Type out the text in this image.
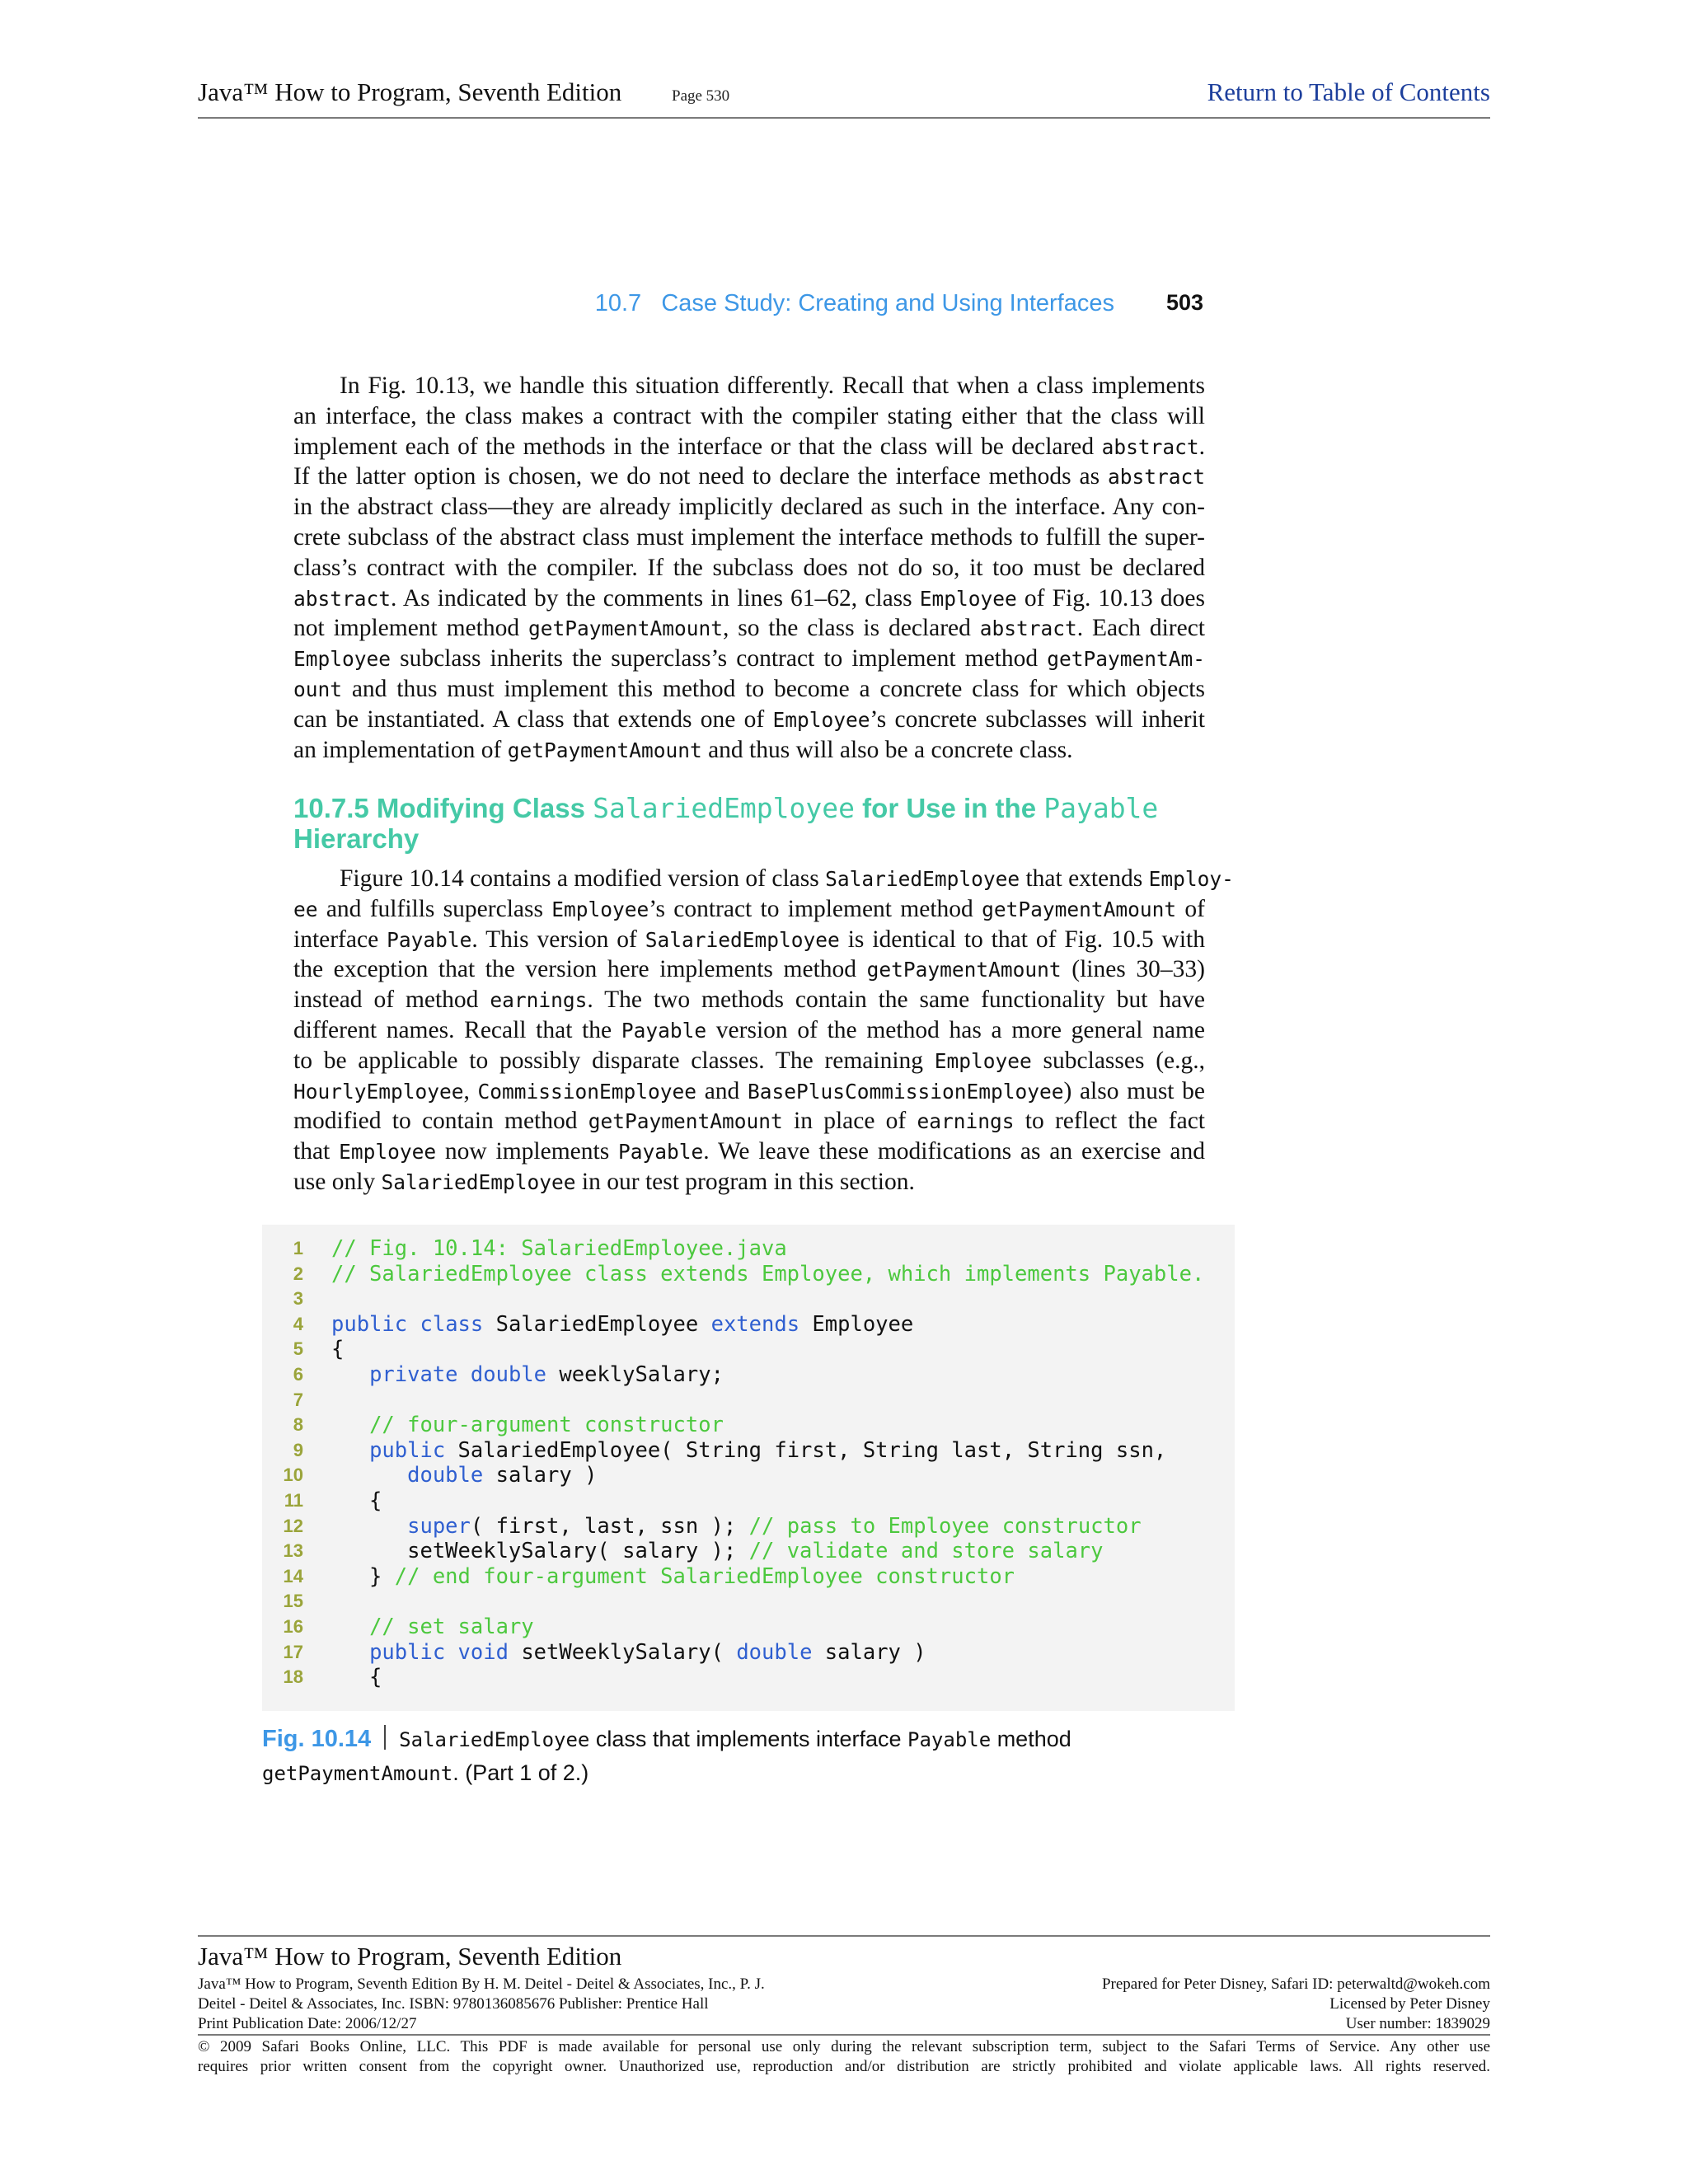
Java™ How to Program, Seventh Edition	Page 530	Return to Table of Contents
10.7   Case Study: Creating and Using Interfaces 503
In Fig. 10.13, we handle this situation differently. Recall that when a class implements
an interface, the class makes a contract with the compiler stating either that the class will
implement each of the methods in the interface or that the class will be declared abstract.
If the latter option is chosen, we do not need to declare the interface methods as abstract
in the abstract class—they are already implicitly declared as such in the interface. Any con-
crete subclass of the abstract class must implement the interface methods to fulfill the super-
class’s contract with the compiler. If the subclass does not do so, it too must be declared
abstract. As indicated by the comments in lines 61–62, class Employee of Fig. 10.13 does
not implement method getPaymentAmount, so the class is declared abstract. Each direct
Employee subclass inherits the superclass’s contract to implement method getPaymentAm-
ount and thus must implement this method to become a concrete class for which objects
can be instantiated. A class that extends one of Employee’s concrete subclasses will inherit
an implementation of getPaymentAmount and thus will also be a concrete class.
10.7.5 Modifying Class SalariedEmployee for Use in the Payable
Hierarchy
Figure 10.14 contains a modified version of class SalariedEmployee that extends Employ-
ee and fulfills superclass Employee’s contract to implement method getPaymentAmount of
interface Payable. This version of SalariedEmployee is identical to that of Fig. 10.5 with
the exception that the version here implements method getPaymentAmount (lines 30–33)
instead of method earnings. The two methods contain the same functionality but have
different names. Recall that the Payable version of the method has a more general name
to be applicable to possibly disparate classes. The remaining Employee subclasses (e.g.,
HourlyEmployee, CommissionEmployee and BasePlusCommissionEmployee) also must be
modified to contain method getPaymentAmount in place of earnings to reflect the fact
that Employee now implements Payable. We leave these modifications as an exercise and
use only SalariedEmployee in our test program in this section.
1 // Fig. 10.14: SalariedEmployee.java
2 // SalariedEmployee class extends Employee, which implements Payable.
3
4 public class SalariedEmployee extends Employee
5 {
6	private double weeklySalary;
7
8	// four-argument constructor
9	public SalariedEmployee( String first, String last, String ssn,
10	double salary )
11 {
12	super( first, last, ssn ); // pass to Employee constructor
13 setWeeklySalary( salary ); // validate and store salary
14 } // end four-argument SalariedEmployee constructor
15
16	// set salary
17	public void setWeeklySalary( double salary )
18 {
Fig. 10.14 SalariedEmployee class that implements interface Payable method
getPaymentAmount. (Part 1 of 2.)
Java™ How to Program, Seventh Edition
Java™ How to Program, Seventh Edition By H. M. Deitel - Deitel & Associates, Inc., P. J.
Deitel - Deitel & Associates, Inc. ISBN: 9780136085676 Publisher: Prentice Hall
Print Publication Date: 2006/12/27
Prepared for Peter Disney, Safari ID: peterwaltd@wokeh.com
Licensed by Peter Disney
User number: 1839029
© 2009 Safari Books Online, LLC. This PDF is made available for personal use only during the relevant subscription term, subject to the Safari Terms of Service. Any other use
requires prior written consent from the copyright owner. Unauthorized use, reproduction and/or distribution are strictly prohibited and violate applicable laws. All rights reserved.
